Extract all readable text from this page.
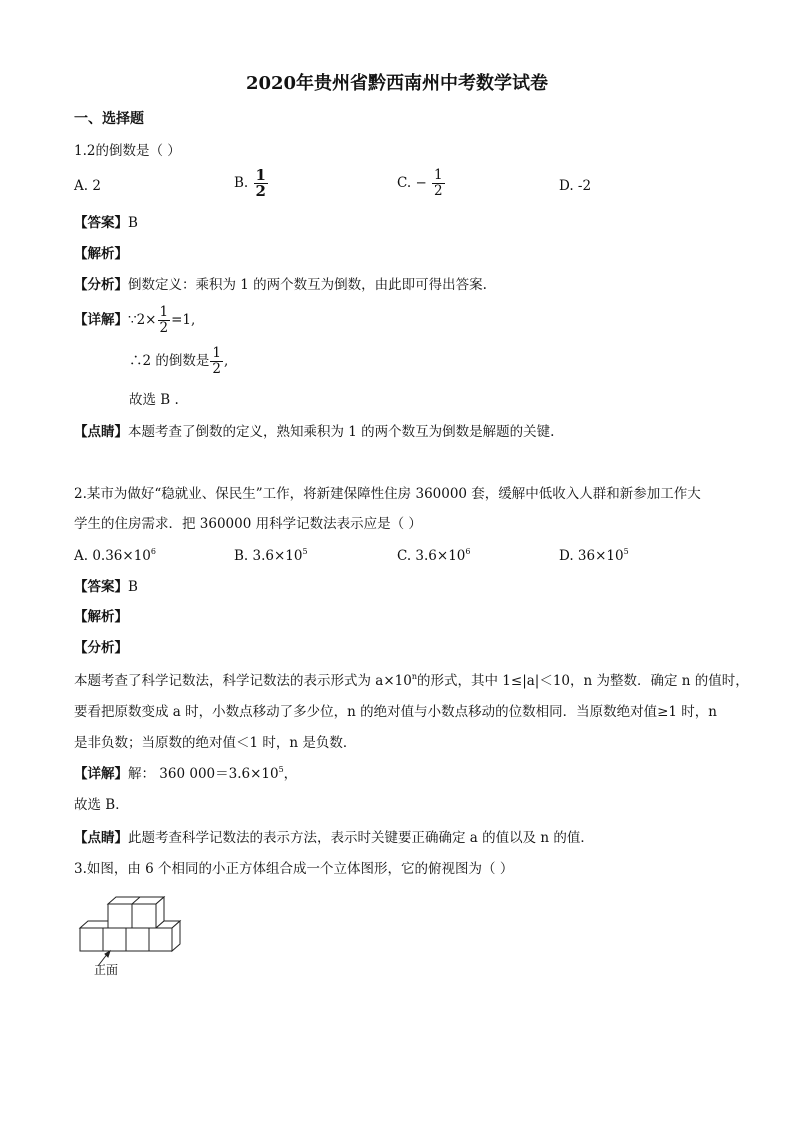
2020年贵州省黔西南州中考数学试卷
一、选择题
1.2的倒数是（ ）
A. 2	B. $\frac{1}{2}$	C. − $\frac{1}{2}$	D. -2
【答案】B
【解析】
【分析】倒数定义：乘积为 1 的两个数互为倒数，由此即可得出答案.
【详解】∵2× $\frac{1}{2} =1$,
∴2 的倒数是 $\frac{1}{2}$ ,
故选 B .
【点睛】本题考查了倒数的定义，熟知乘积为 1 的两个数互为倒数是解题的关键.
2.某市为做好“稳就业、保民生”工作，将新建保障性住房 360000 套，缓解中低收入人群和新参加工作大
学生的住房需求．把 360000 用科学记数法表示应是（ ）
A. $0.36\times 10^6$	B. $3.6\times 10^5$	C. $3.6\times 10^6$	D. $36\times 10^5$
【答案】B
【解析】
【分析】
本题考查了科学记数法，科学记数法的表示形式为 $a\times 10^n$的形式，其中 1≤|a|＜10，n 为整数．确定 n 的值时，
要看把原数变成 a 时，小数点移动了多少位，n 的绝对值与小数点移动的位数相同．当原数绝对值≥1 时，n
是非负数；当原数的绝对值＜1 时，n 是负数．
【详解】解： 360 $000=3.6\times 10^5$，
故选 B．
【点睛】此题考查科学记数法的表示方法，表示时关键要正确确定 a 的值以及 n 的值．
3.如图，由 6 个相同的小正方体组合成一个立体图形，它的俯视图为（ ）
正面
